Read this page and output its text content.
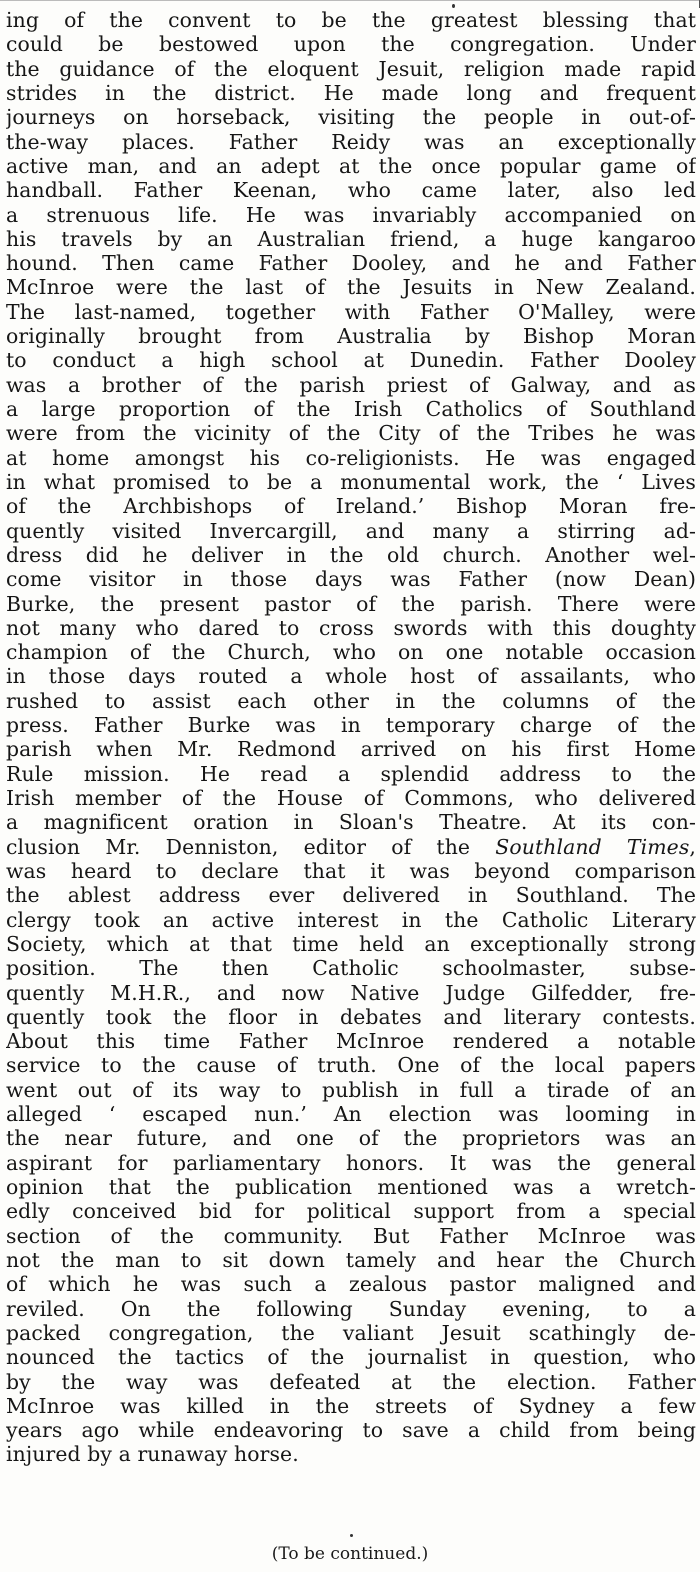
ing of the convent to be the greatest blessing that
could be bestowed upon the congregation. Under
the guidance of the eloquent Jesuit, religion made rapid
strides in the district. He made long and frequent
journeys on horseback, visiting the people in out-of-
the-way places. Father Reidy was an exceptionally
active man, and an adept at the once popular game of
handball. Father Keenan, who came later, also led
a strenuous life. He was invariably accompanied on
his travels by an Australian friend, a huge kangaroo
hound. Then came Father Dooley, and he and Father
McInroe were the last of the Jesuits in New Zealand.
The last-named, together with Father O'Malley, were
originally brought from Australia by Bishop Moran
to conduct a high school at Dunedin. Father Dooley
was a brother of the parish priest of Galway, and as
a large proportion of the Irish Catholics of Southland
were from the vicinity of the City of the Tribes he was
at home amongst his co-religionists. He was engaged
in what promised to be a monumental work, the ‘ Lives
of the Archbishops of Ireland.’ Bishop Moran fre-
quently visited Invercargill, and many a stirring ad-
dress did he deliver in the old church. Another wel-
come visitor in those days was Father (now Dean)
Burke, the present pastor of the parish. There were
not many who dared to cross swords with this doughty
champion of the Church, who on one notable occasion
in those days routed a whole host of assailants, who
rushed to assist each other in the columns of the
press. Father Burke was in temporary charge of the
parish when Mr. Redmond arrived on his first Home
Rule mission. He read a splendid address to the
Irish member of the House of Commons, who delivered
a magnificent oration in Sloan's Theatre. At its con-
clusion Mr. Denniston, editor of the Southland Times,
was heard to declare that it was beyond comparison
the ablest address ever delivered in Southland. The
clergy took an active interest in the Catholic Literary
Society, which at that time held an exceptionally strong
position. The then Catholic schoolmaster, subse-
quently M.H.R., and now Native Judge Gilfedder, fre-
quently took the floor in debates and literary contests.
About this time Father McInroe rendered a notable
service to the cause of truth. One of the local papers
went out of its way to publish in full a tirade of an
alleged ‘ escaped nun.’ An election was looming in
the near future, and one of the proprietors was an
aspirant for parliamentary honors. It was the general
opinion that the publication mentioned was a wretch-
edly conceived bid for political support from a special
section of the community. But Father McInroe was
not the man to sit down tamely and hear the Church
of which he was such a zealous pastor maligned and
reviled. On the following Sunday evening, to a
packed congregation, the valiant Jesuit scathingly de-
nounced the tactics of the journalist in question, who
by the way was defeated at the election. Father
McInroe was killed in the streets of Sydney a few
years ago while endeavoring to save a child from being
injured by a runaway horse.
(To be continued.)
